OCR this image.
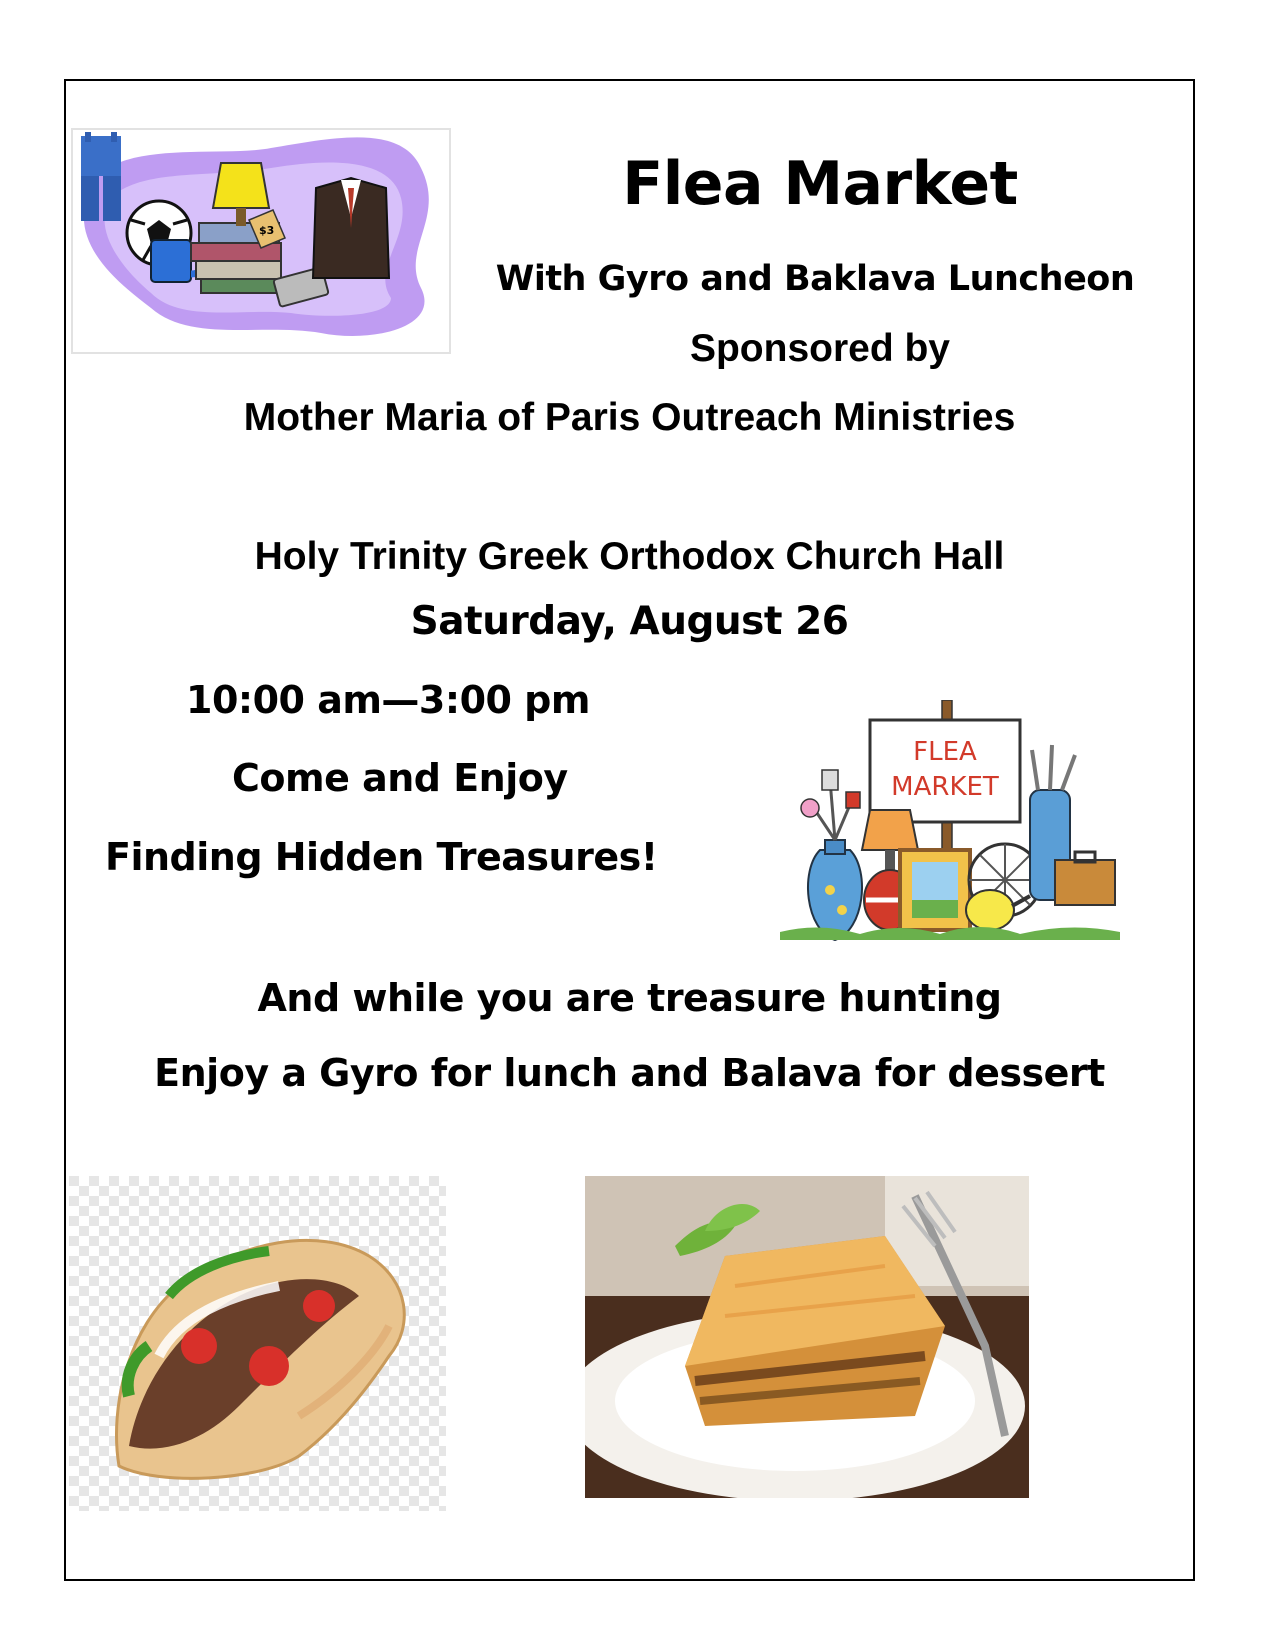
$3
Flea Market

With Gyro and Baklava Luncheon

Sponsored by

Mother Maria of Paris Outreach Ministries

Holy Trinity Greek Orthodox Church Hall

Saturday, August 26

10:00 am—3:00 pm

Come and Enjoy

Finding Hidden Treasures!

FLEA
MARKET

And while you are treasure hunting

Enjoy a Gyro for lunch and Balava for dessert
